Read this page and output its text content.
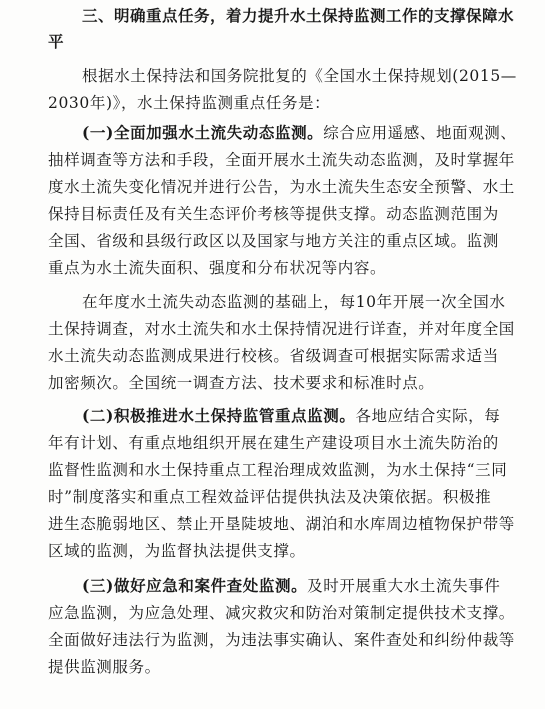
三、明确重点任务，着力提升水土保持监测工作的支撑保障水
平
根据水土保持法和国务院批复的《全国水土保持规划(2015—
2030年)》，水土保持监测重点任务是：
(一)全面加强水土流失动态监测。综合应用遥感、地面观测、
抽样调查等方法和手段，全面开展水土流失动态监测，及时掌握年
度水土流失变化情况并进行公告，为水土流失生态安全预警、水土
保持目标责任及有关生态评价考核等提供支撑。动态监测范围为
全国、省级和县级行政区以及国家与地方关注的重点区域。监测
重点为水土流失面积、强度和分布状况等内容。
在年度水土流失动态监测的基础上，每10年开展一次全国水
土保持调查，对水土流失和水土保持情况进行详查，并对年度全国
水土流失动态监测成果进行校核。省级调查可根据实际需求适当
加密频次。全国统一调查方法、技术要求和标准时点。
(二)积极推进水土保持监管重点监测。各地应结合实际，每
年有计划、有重点地组织开展在建生产建设项目水土流失防治的
监督性监测和水土保持重点工程治理成效监测，为水土保持“三同
时”制度落实和重点工程效益评估提供执法及决策依据。积极推
进生态脆弱地区、禁止开垦陡坡地、湖泊和水库周边植物保护带等
区域的监测，为监督执法提供支撑。
(三)做好应急和案件查处监测。及时开展重大水土流失事件
应急监测，为应急处理、减灾救灾和防治对策制定提供技术支撑。
全面做好违法行为监测，为违法事实确认、案件查处和纠纷仲裁等
提供监测服务。
